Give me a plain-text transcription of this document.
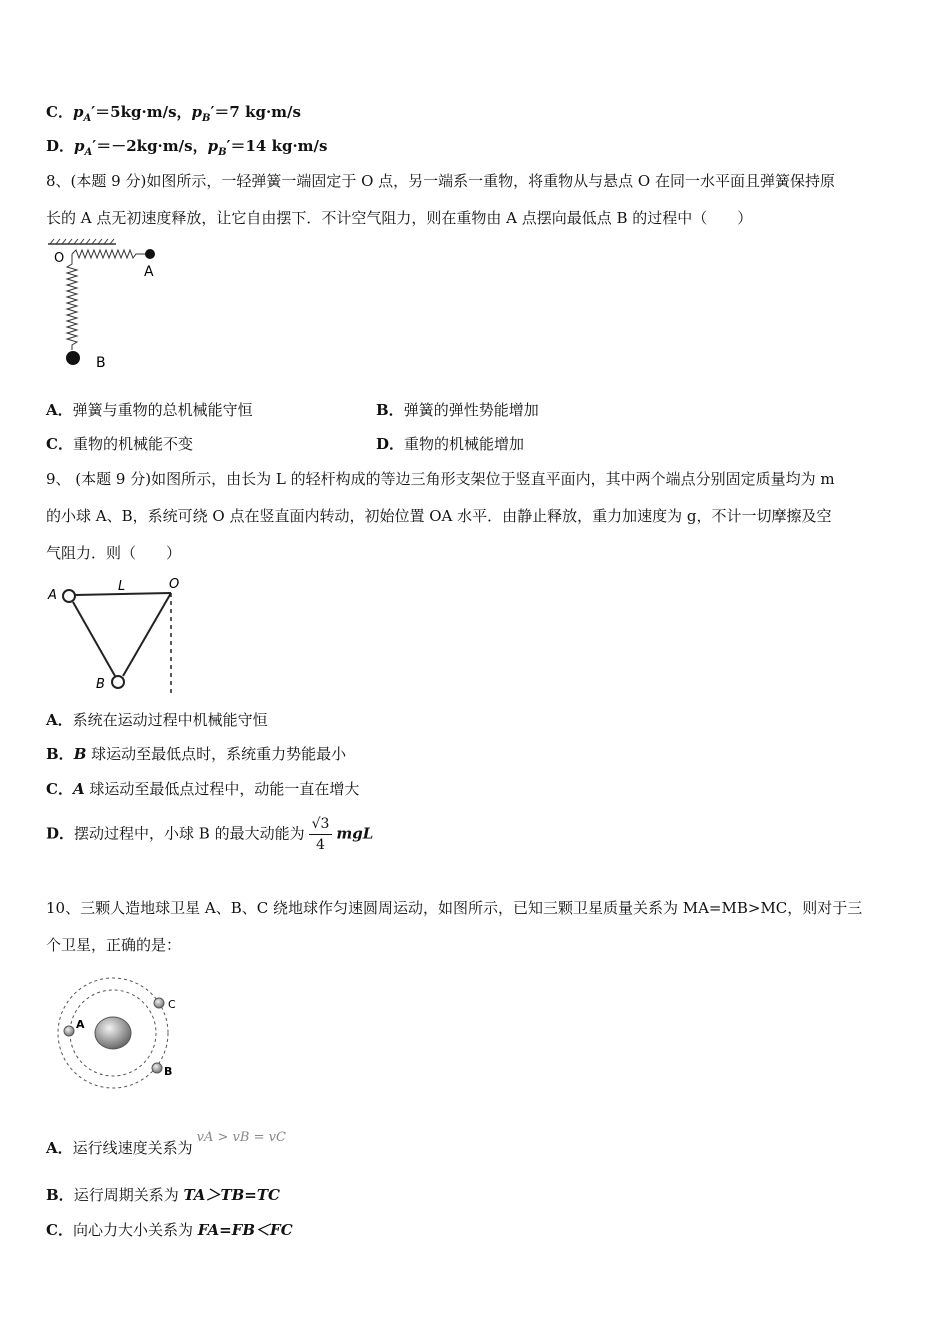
C．$p_A'=5kg\cdot m/s$，$p_B'=7$ kg·m/s
D．$p_A'=-2kg\cdot m/s$，$p_B'=14$ kg·m/s
8、(本题 9 分)如图所示，一轻弹簧一端固定于 O 点，另一端系一重物，将重物从与悬点 O 在同一水平面且弹簧保持原
长的 A 点无初速度释放，让它自由摆下．不计空气阻力，则在重物由 A 点摆向最低点 B 的过程中（　　）
O
A
B
A．弹簧与重物的总机械能守恒	B．弹簧的弹性势能增加
C．重物的机械能不变	D．重物的机械能增加
9、 (本题 9 分)如图所示，由长为 L 的轻杆构成的等边三角形支架位于竖直平面内，其中两个端点分别固定质量均为 m
的小球 A、B，系统可绕 O 点在竖直面内转动，初始位置 OA 水平．由静止释放，重力加速度为 g，不计一切摩擦及空
气阻力．则（　　）
A
L	O
B
A．系统在运动过程中机械能守恒
B．B 球运动至最低点时，系统重力势能最小
C．A 球运动至最低点过程中，动能一直在增大
D．摆动过程中，小球 B 的最大动能为 $\frac{√3}{4}$ mgL
10、三颗人造地球卫星 A、B、C 绕地球作匀速圆周运动，如图所示，已知三颗卫星质量关系为 MA=MB>MC，则对于三
个卫星，正确的是：
A
C
B
A．运行线速度关系为vA > vB = vC
B．运行周期关系为 TA＞TB=TC
C．向心力大小关系为 FA=FB＜FC
